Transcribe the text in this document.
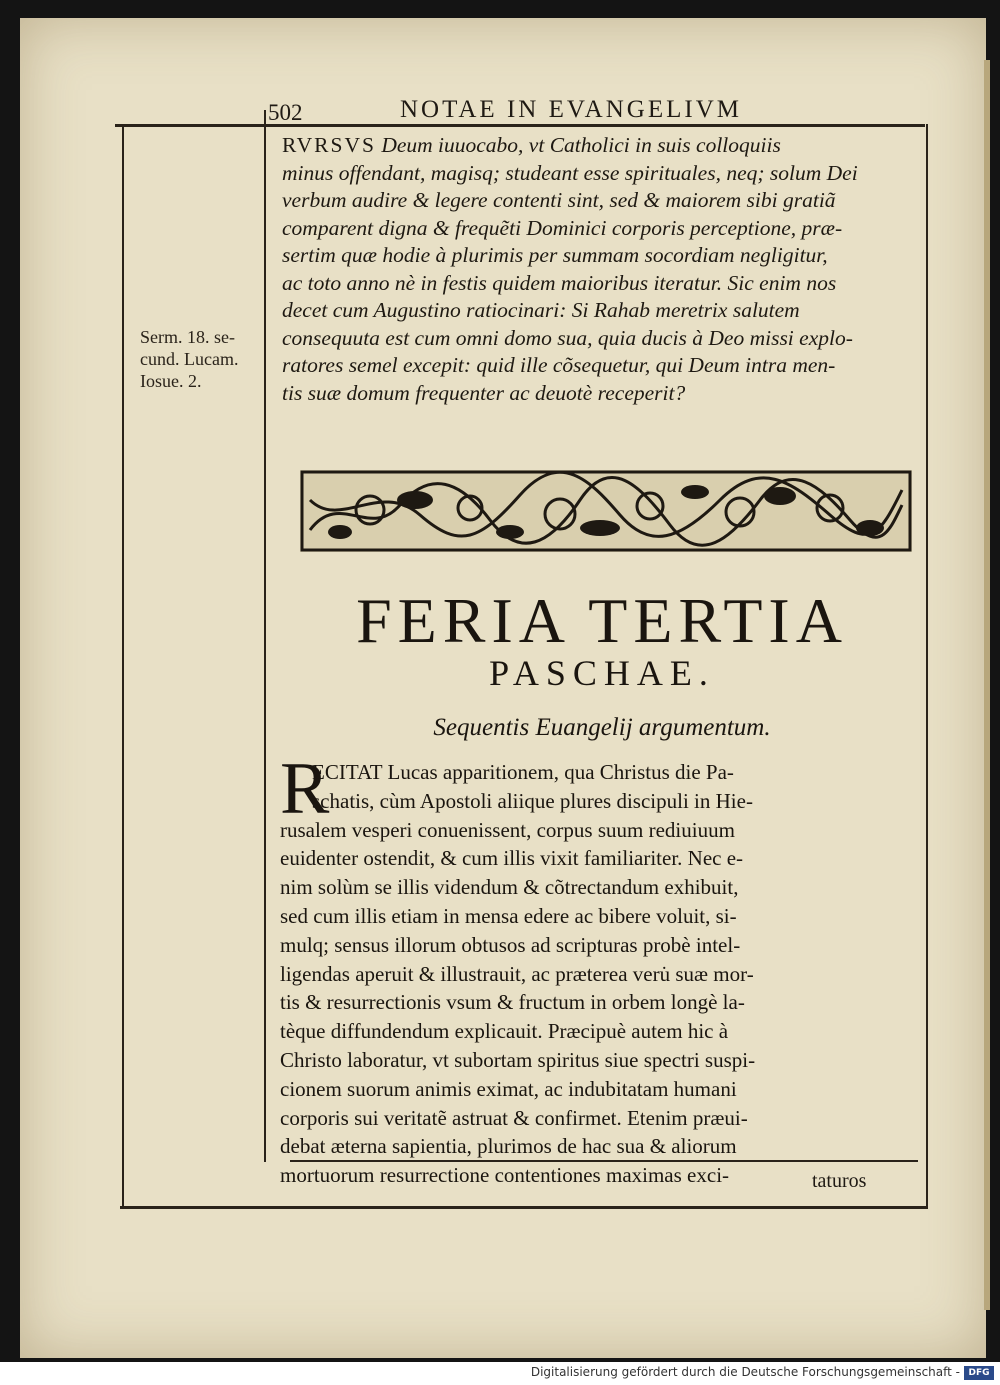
502	NOTAE IN EVANGELIVM
Serm. 18. se-
cund. Lucam.
Iosue. 2.
RVRSVS Deum iuuocabo, vt Catholici in suis colloquiis
minus offendant, magisq; studeant esse spirituales, neq; solum Dei
verbum audire & legere contenti sint, sed & maiorem sibi gratiã
comparent digna & frequẽti Dominici corporis perceptione, præ-
sertim quæ hodie à plurimis per summam socordiam negligitur,
ac toto anno nè in festis quidem maioribus iteratur. Sic enim nos
decet cum Augustino ratiocinari: Si Rahab meretrix salutem
consequuta est cum omni domo sua, quia ducis à Deo missi explo-
ratores semel excepit: quid ille cõsequetur, qui Deum intra men-
tis suæ domum frequenter ac deuotè receperit?
FERIA TERTIA
PASCHAE.
Sequentis Euangelij argumentum.
R
ECITAT Lucas apparitionem, qua Christus die Pa-
schatis, cùm Apostoli aliique plures discipuli in Hie-
rusalem vesperi conuenissent, corpus suum rediuiuum
euidenter ostendit, & cum illis vixit familiariter. Nec e-
nim solùm se illis videndum & cõtrectandum exhibuit,
sed cum illis etiam in mensa edere ac bibere voluit, si-
mulq; sensus illorum obtusos ad scripturas probè intel-
ligendas aperuit & illustrauit, ac præterea veru̇ suæ mor-
tis & resurrectionis vsum & fructum in orbem longè la-
tèque diffundendum explicauit. Præcipuè autem hic à
Christo laboratur, vt subortam spiritus siue spectri suspi-
cionem suorum animis eximat, ac indubitatam humani
corporis sui veritatẽ astruat & confirmet. Etenim præui-
debat æterna sapientia, plurimos de hac sua & aliorum
mortuorum resurrectione contentiones maximas exci-	taturos
Digitalisierung gefördert durch die Deutsche Forschungsgemeinschaft - DFG
